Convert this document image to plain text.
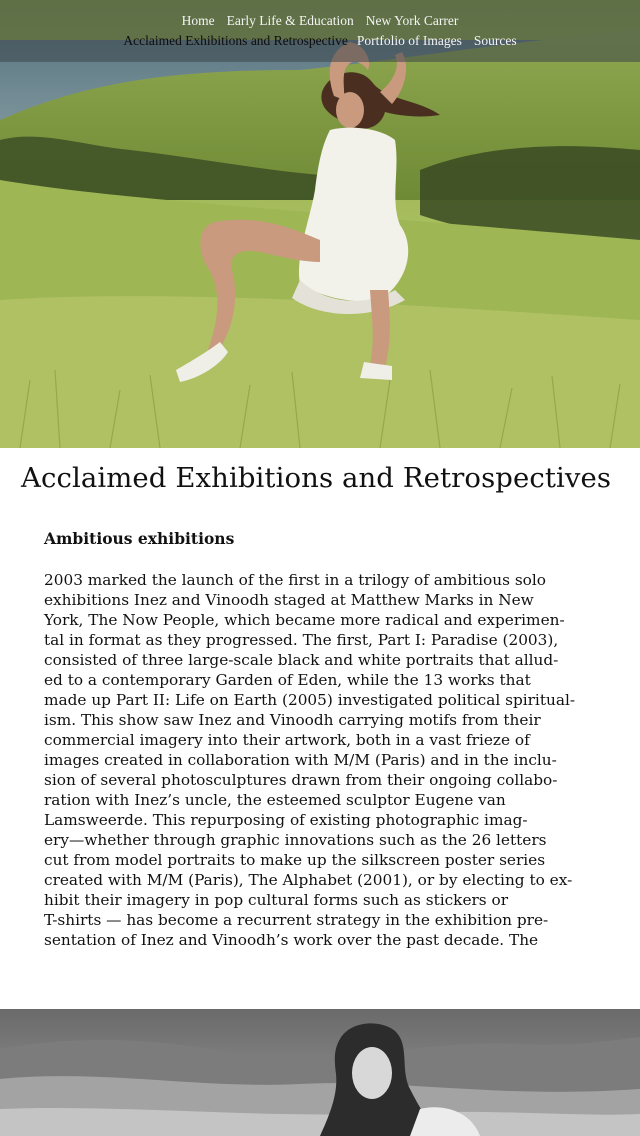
Home Early Life & Education New York Carrer
Acclaimed Exhibitions and Retrospective Portfolio of Images Sources
Acclaimed Exhibitions and Retrospectives
Ambitious exhibitions
2003 marked the launch of the first in a trilogy of ambitious solo
exhibitions Inez and Vinoodh staged at Matthew Marks in New
York, The Now People, which became more radical and experimen-
tal in format as they progressed. The first, Part I: Paradise (2003),
consisted of three large-scale black and white portraits that allud-
ed to a contemporary Garden of Eden, while the 13 works that
made up Part II: Life on Earth (2005) investigated political spiritual-
ism. This show saw Inez and Vinoodh carrying motifs from their
commercial imagery into their artwork, both in a vast frieze of
images created in collaboration with M/M (Paris) and in the inclu-
sion of several photosculptures drawn from their ongoing collabo-
ration with Inez’s uncle, the esteemed sculptor Eugene van
Lamsweerde. This repurposing of existing photographic imag-
ery—whether through graphic innovations such as the 26 letters
cut from model portraits to make up the silkscreen poster series
created with M/M (Paris), The Alphabet (2001), or by electing to ex-
hibit their imagery in pop cultural forms such as stickers or
T-shirts — has become a recurrent strategy in the exhibition pre-
sentation of Inez and Vinoodh’s work over the past decade. The
